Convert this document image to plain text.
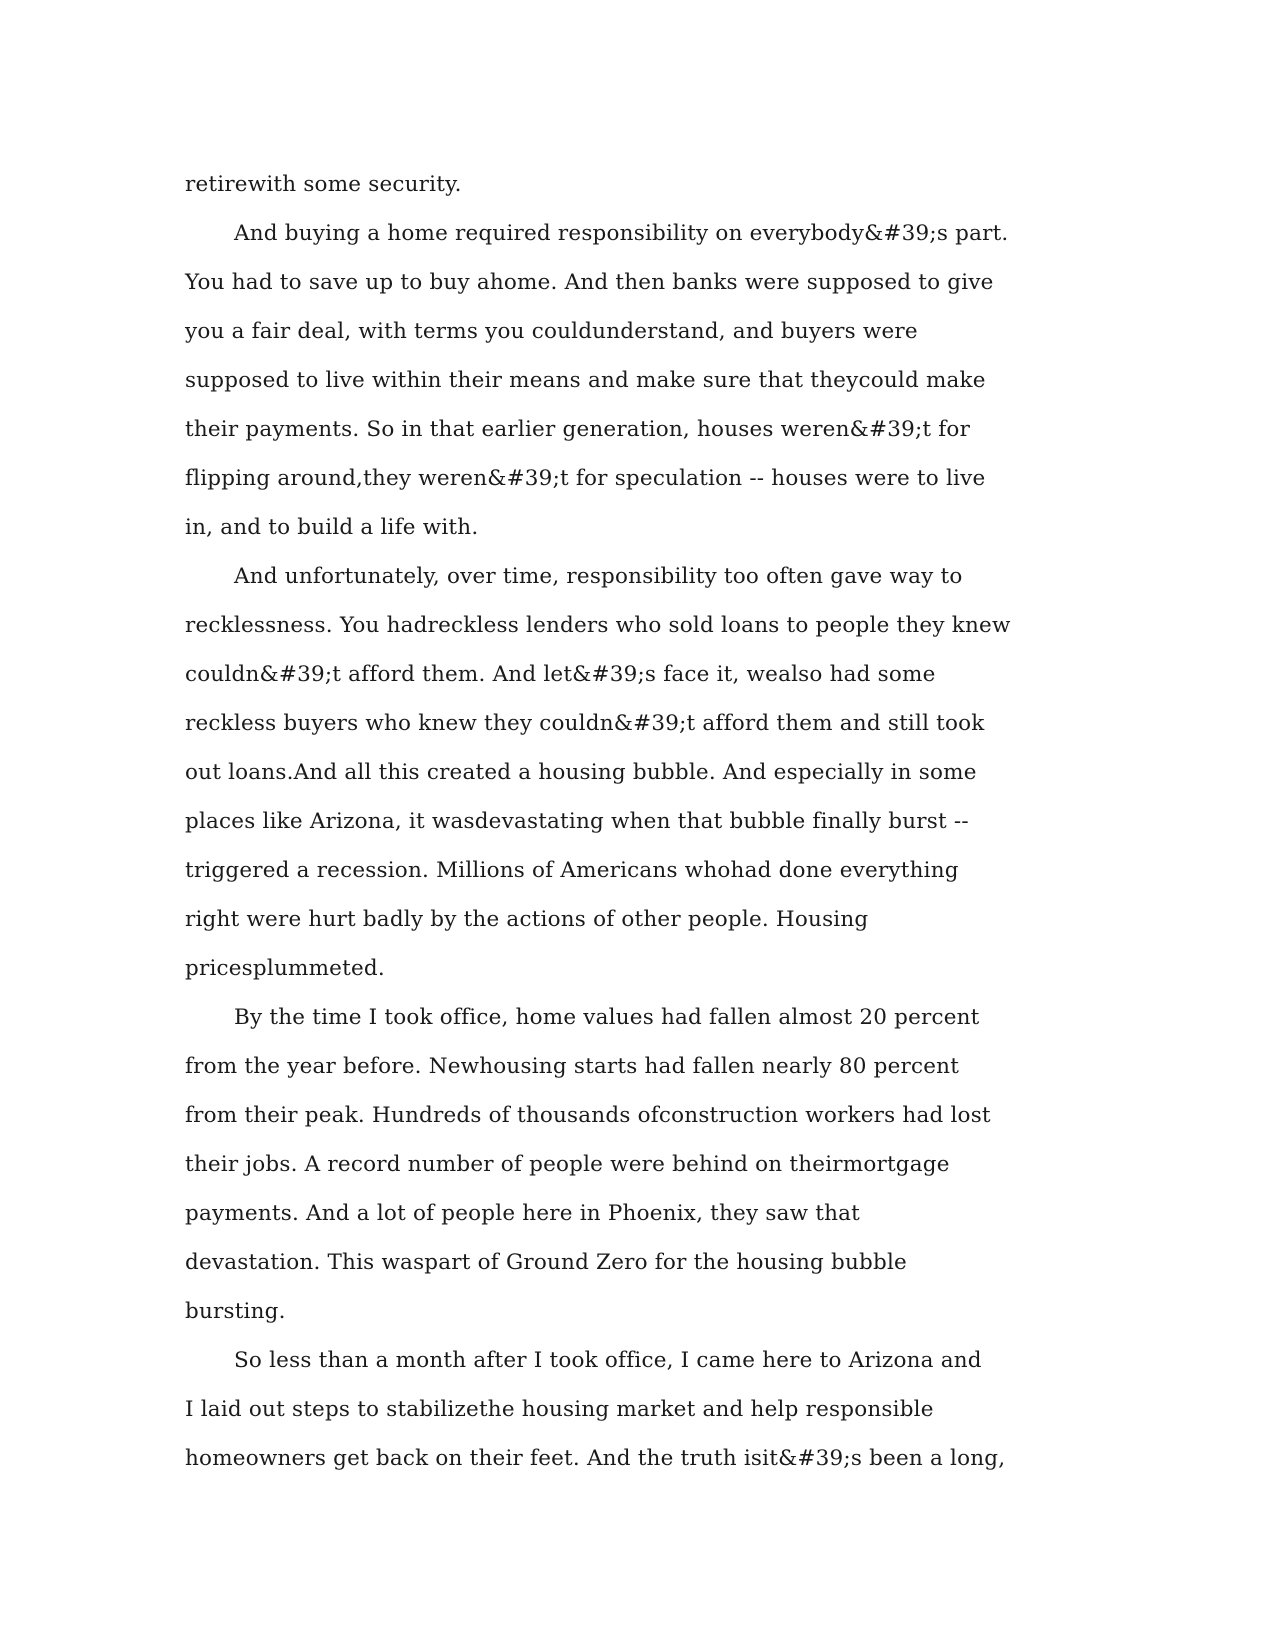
retirewith some security.
And buying a home required responsibility on everybody&#39;s part.
You had to save up to buy ahome. And then banks were supposed to give
you a fair deal, with terms you couldunderstand, and buyers were
supposed to live within their means and make sure that theycould make
their payments. So in that earlier generation, houses weren&#39;t for
flipping around,they weren&#39;t for speculation -- houses were to live
in, and to build a life with.
And unfortunately, over time, responsibility too often gave way to
recklessness. You hadreckless lenders who sold loans to people they knew
couldn&#39;t afford them. And let&#39;s face it, wealso had some
reckless buyers who knew they couldn&#39;t afford them and still took
out loans.And all this created a housing bubble. And especially in some
places like Arizona, it wasdevastating when that bubble finally burst --
triggered a recession. Millions of Americans whohad done everything
right were hurt badly by the actions of other people. Housing
pricesplummeted.
By the time I took office, home values had fallen almost 20 percent
from the year before. Newhousing starts had fallen nearly 80 percent
from their peak. Hundreds of thousands ofconstruction workers had lost
their jobs. A record number of people were behind on theirmortgage
payments. And a lot of people here in Phoenix, they saw that
devastation. This waspart of Ground Zero for the housing bubble
bursting.
So less than a month after I took office, I came here to Arizona and
I laid out steps to stabilizethe housing market and help responsible
homeowners get back on their feet. And the truth isit&#39;s been a long,
